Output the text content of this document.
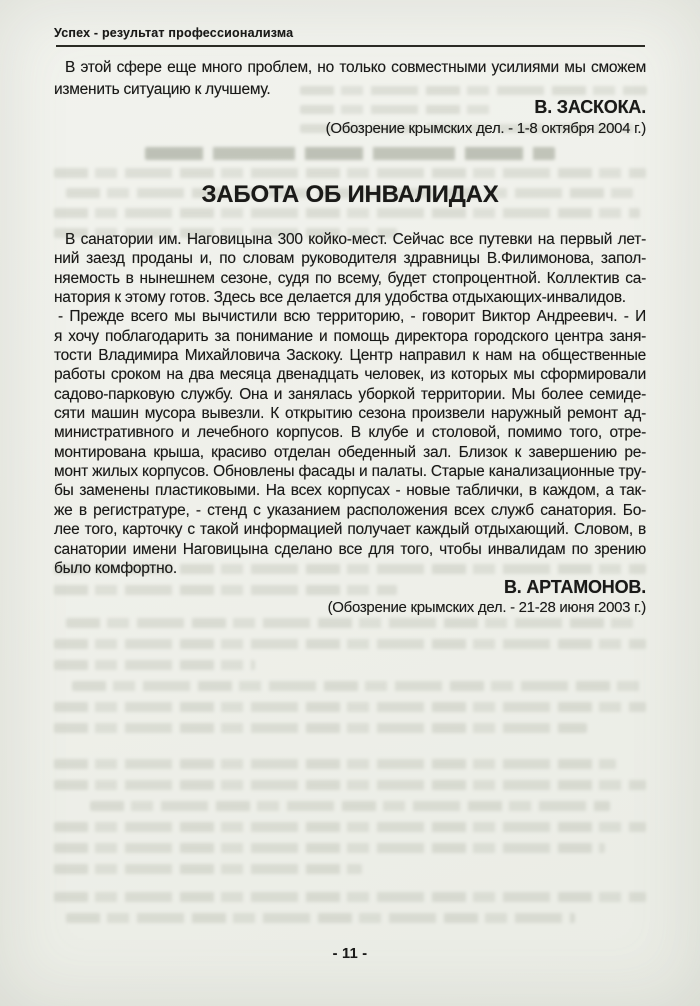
Успех - результат профессионализма
В этой сфере еще много проблем, но только совместными усилиями мы сможем
изменить ситуацию к лучшему.
В. ЗАСКОКА.
(Обозрение крымских дел. - 1-8 октября 2004 г.)
ЗАБОТА ОБ ИНВАЛИДАХ
В санатории им. Наговицына 300 койко-мест. Сейчас все путевки на первый лет-
ний заезд проданы и, по словам руководителя здравницы В.Филимонова, запол-
няемость в нынешнем сезоне, судя по всему, будет стопроцентной. Коллектив са-
натория к этому готов. Здесь все делается для удобства отдыхающих-инвалидов.
- Прежде всего мы вычистили всю территорию, - говорит Виктор Андреевич. - И
я хочу поблагодарить за понимание и помощь директора городского центра заня-
тости Владимира Михайловича Заскоку. Центр направил к нам на общественные
работы сроком на два месяца двенадцать человек, из которых мы сформировали
садово-парковую службу. Она и занялась уборкой территории. Мы более семиде-
сяти машин мусора вывезли. К открытию сезона произвели наружный ремонт ад-
министративного и лечебного корпусов. В клубе и столовой, помимо того, отре-
монтирована крыша, красиво отделан обеденный зал. Близок к завершению ре-
монт жилых корпусов. Обновлены фасады и палаты. Старые канализационные тру-
бы заменены пластиковыми. На всех корпусах - новые таблички, в каждом, а так-
же в регистратуре, - стенд с указанием расположения всех служб санатория. Бо-
лее того, карточку с такой информацией получает каждый отдыхающий. Словом, в
санатории имени Наговицына сделано все для того, чтобы инвалидам по зрению
было комфортно.
В. АРТАМОНОВ.
(Обозрение крымских дел. - 21-28 июня 2003 г.)
- 11 -
